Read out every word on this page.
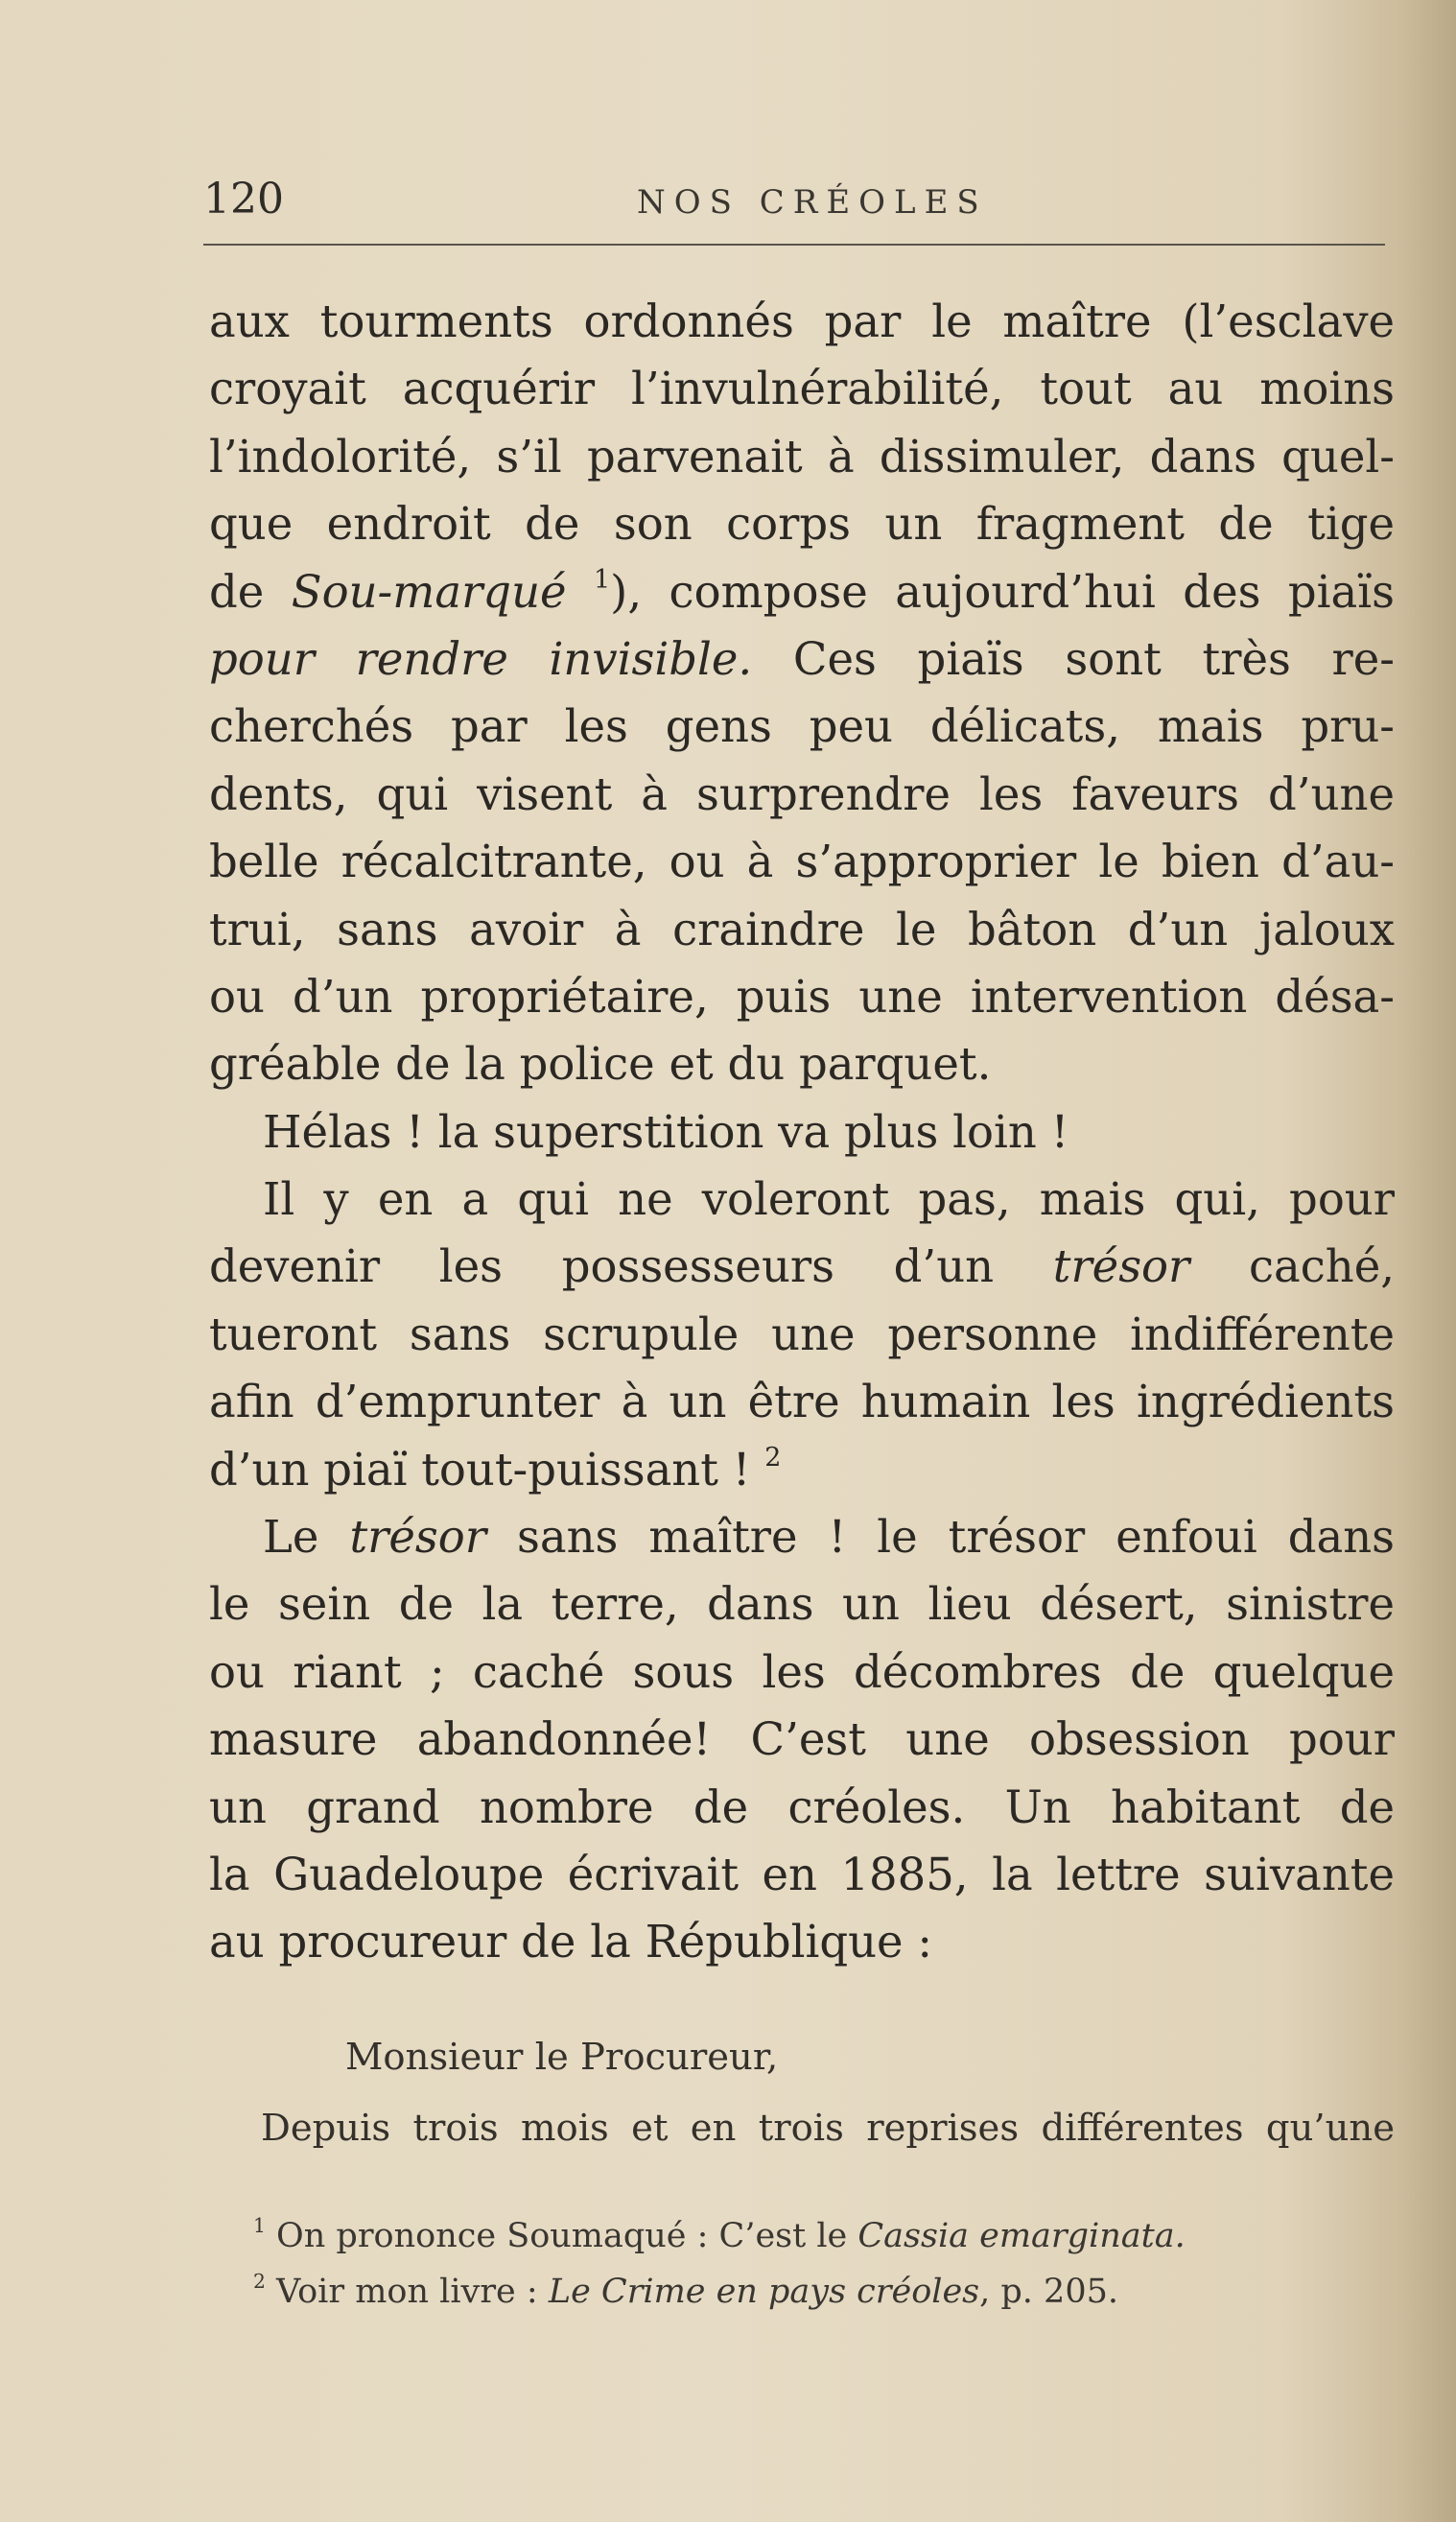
120	NOS CRÉOLES
aux tourments ordonnés par le maître (l’esclave
croyait acquérir l’invulnérabilité, tout au moins
l’indolorité, s’il parvenait à dissimuler, dans quel-
que endroit de son corps un fragment de tige
de Sou-marqué $^1$), compose aujourd’hui des piaïs
pour rendre invisible. Ces piaïs sont très re-
cherchés par les gens peu délicats, mais pru-
dents, qui visent à surprendre les faveurs d’une
belle récalcitrante, ou à s’approprier le bien d’au-
trui, sans avoir à craindre le bâton d’un jaloux
ou d’un propriétaire, puis une intervention désa-
gréable de la police et du parquet.
Hélas ! la superstition va plus loin !
Il y en a qui ne voleront pas, mais qui, pour
devenir les possesseurs d’un trésor caché,
tueront sans scrupule une personne indifférente
afin d’emprunter à un être humain les ingrédients
d’un piaï tout-puissant ! $^2$
Le trésor sans maître ! le trésor enfoui dans
le sein de la terre, dans un lieu désert, sinistre
ou riant ; caché sous les décombres de quelque
masure abandonnée! C’est une obsession pour
un grand nombre de créoles. Un habitant de
la Guadeloupe écrivait en 1885, la lettre suivante
au procureur de la République :
Monsieur le Procureur,
Depuis trois mois et en trois reprises différentes qu’une
$^1$ On prononce Soumaqué : C’est le Cassia emarginata.
$^2$ Voir mon livre : Le Crime en pays créoles, p. 205.
